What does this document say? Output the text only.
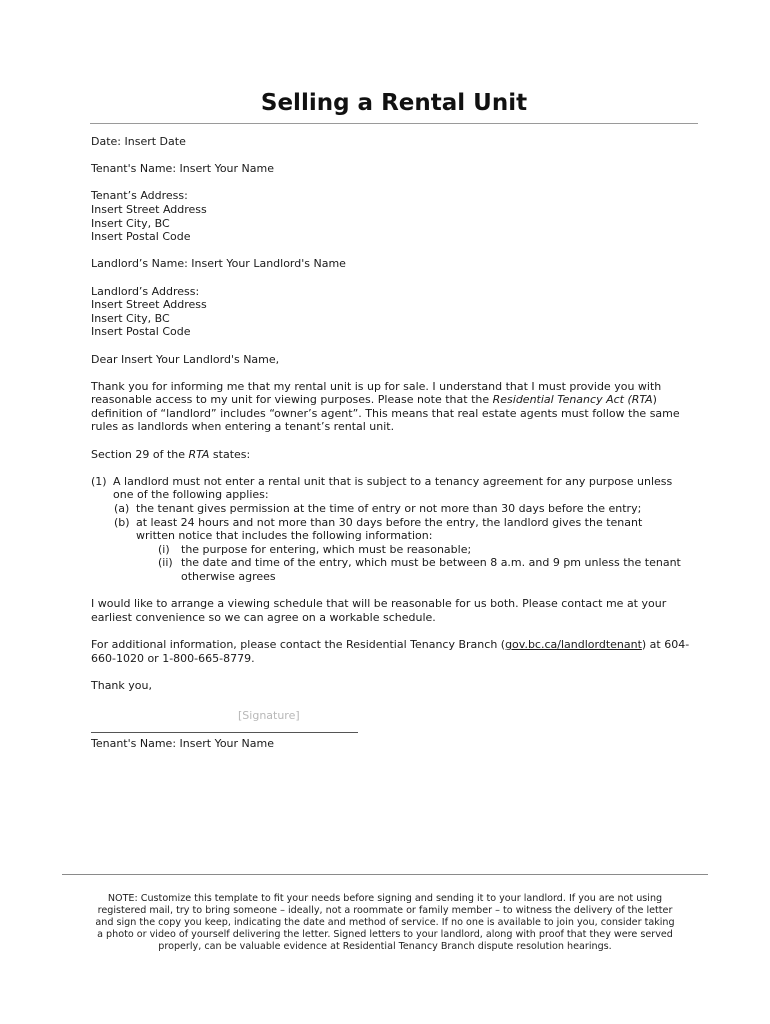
Selling a Rental Unit

Date: Insert Date

Tenant's Name: Insert Your Name

Tenant’s Address:

Insert Street Address

Insert City, BC

Insert Postal Code

Landlord’s Name: Insert Your Landlord's Name

Landlord’s Address:

Insert Street Address

Insert City, BC

Insert Postal Code

Dear Insert Your Landlord's Name,

Thank you for informing me that my rental unit is up for sale. I understand that I must provide you with reasonable access to my unit for viewing purposes. Please note that the Residential Tenancy Act (RTA) definition of “landlord” includes “owner’s agent”. This means that real estate agents must follow the same rules as landlords when entering a tenant’s rental unit.

Section 29 of the RTA states:

(1) A landlord must not enter a rental unit that is subject to a tenancy agreement for any purpose unless one of the following applies:
(a) the tenant gives permission at the time of entry or not more than 30 days before the entry;
(b) at least 24 hours and not more than 30 days before the entry, the landlord gives the tenant written notice that includes the following information:
(i)	the purpose for entering, which must be reasonable;
(ii) the date and time of the entry, which must be between 8 a.m. and 9 pm unless the tenant otherwise agrees

I would like to arrange a viewing schedule that will be reasonable for us both. Please contact me at your earliest convenience so we can agree on a workable schedule.

For additional information, please contact the Residential Tenancy Branch (gov.bc.ca/landlordtenant) at 604-660-1020 or 1-800-665-8779.

Thank you,

[Signature]
Tenant's Name: Insert Your Name
NOTE: Customize this template to fit your needs before signing and sending it to your landlord. If you are not using registered mail, try to bring someone – ideally, not a roommate or family member – to witness the delivery of the letter and sign the copy you keep, indicating the date and method of service. If no one is available to join you, consider taking a photo or video of yourself delivering the letter. Signed letters to your landlord, along with proof that they were served properly, can be valuable evidence at Residential Tenancy Branch dispute resolution hearings.
